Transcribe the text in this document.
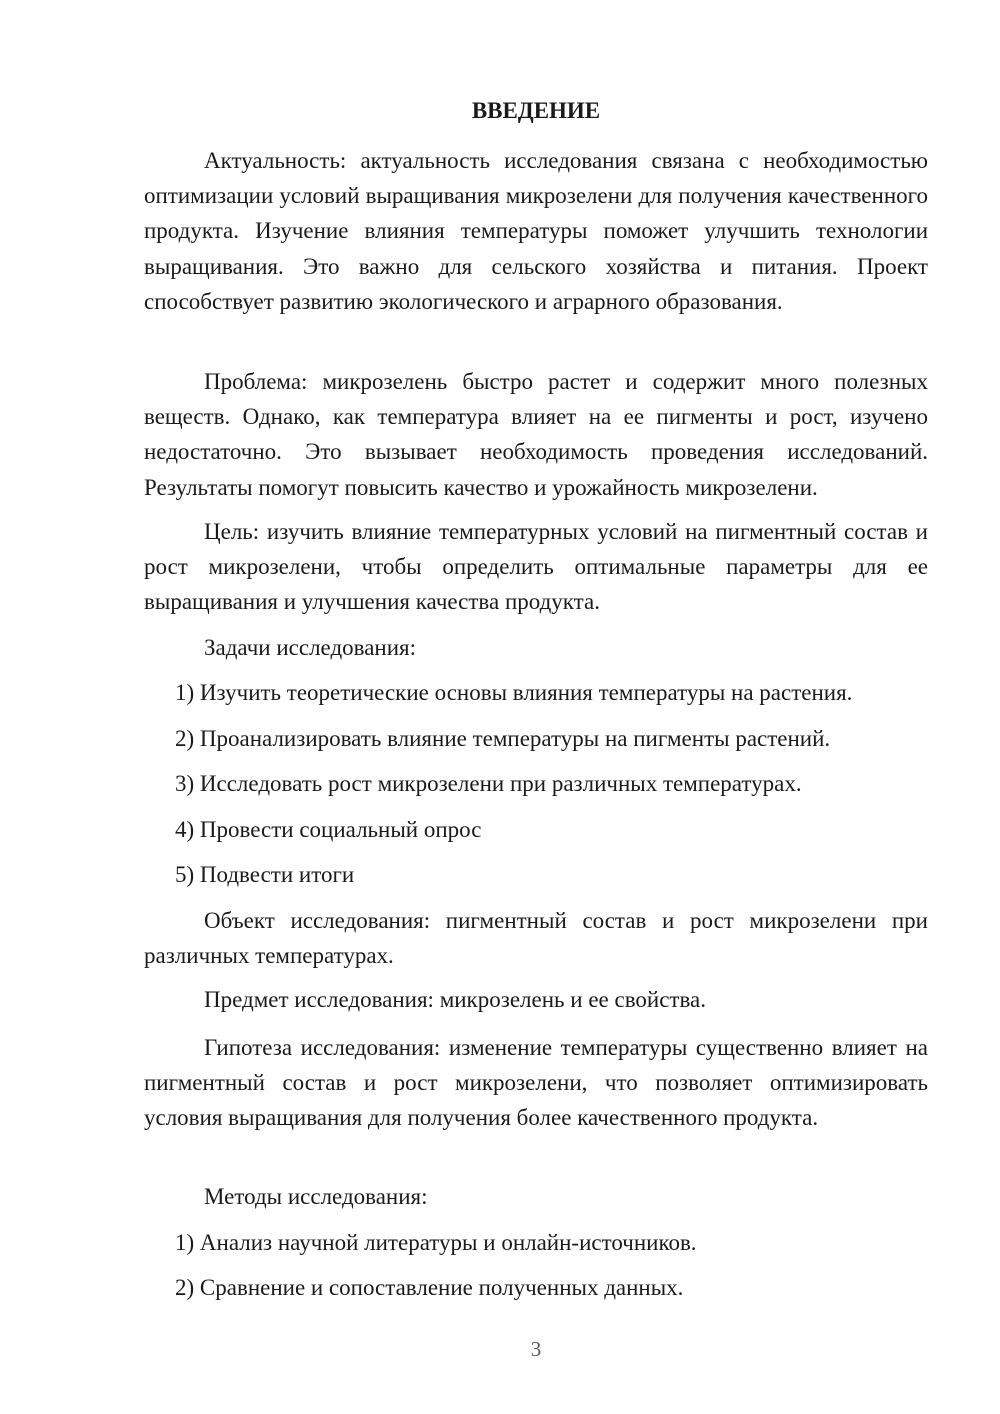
ВВЕДЕНИЕ

Актуальность: актуальность исследования связана с необходимостью оптимизации условий выращивания микрозелени для получения качественного продукта. Изучение влияния температуры поможет улучшить технологии выращивания. Это важно для сельского хозяйства и питания. Проект способствует развитию экологического и аграрного образования.

Проблема: микрозелень быстро растет и содержит много полезных веществ. Однако, как температура влияет на ее пигменты и рост, изучено недостаточно. Это вызывает необходимость проведения исследований. Результаты помогут повысить качество и урожайность микрозелени.

Цель: изучить влияние температурных условий на пигментный состав и рост микрозелени, чтобы определить оптимальные параметры для ее выращивания и улучшения качества продукта.

Задачи исследования:

1) Изучить теоретические основы влияния температуры на растения.

2) Проанализировать влияние температуры на пигменты растений.

3) Исследовать рост микрозелени при различных температурах.

4) Провести социальный опрос

5) Подвести итоги

Объект исследования: пигментный состав и рост микрозелени при различных температурах.

Предмет исследования: микрозелень и ее свойства.

Гипотеза исследования: изменение температуры существенно влияет на пигментный состав и рост микрозелени, что позволяет оптимизировать условия выращивания для получения более качественного продукта.

Методы исследования:

1) Анализ научной литературы и онлайн-источников.

2) Сравнение и сопоставление полученных данных.

3
